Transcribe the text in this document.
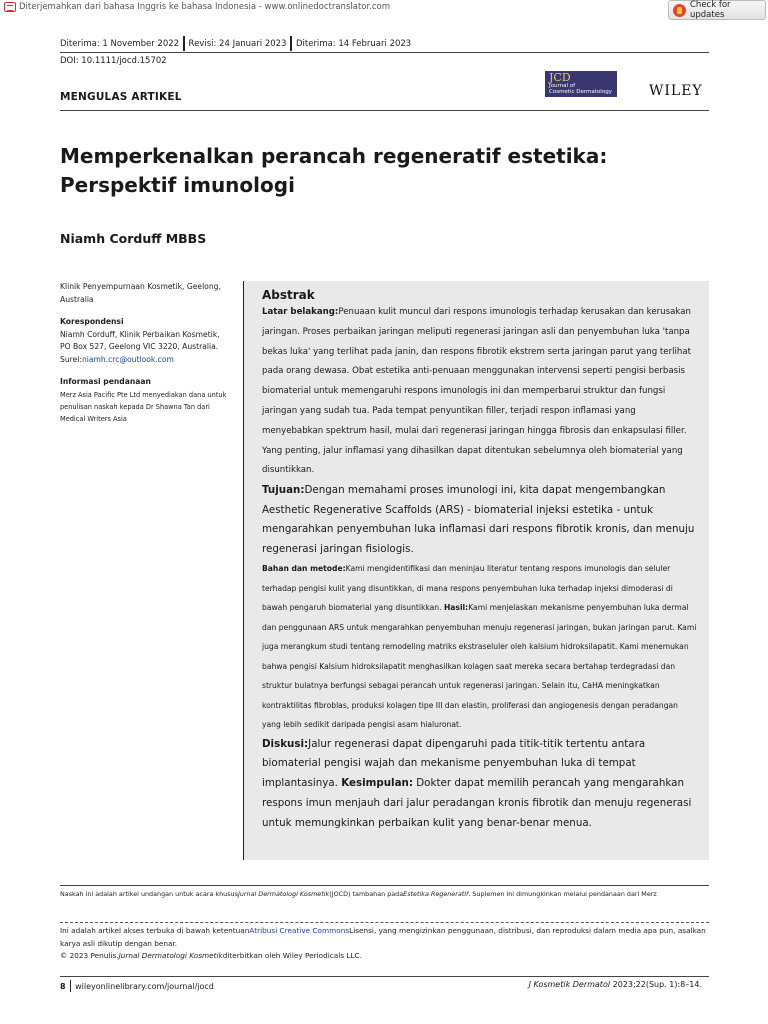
Diterjemahkan dari bahasa Inggris ke bahasa Indonesia - www.onlinedoctranslator.com	Check for updates
Diterima: 1 November 2022 Revisi: 24 Januari 2023 Diterima: 14 Februari 2023
DOI: 10.1111/jocd.15702
JCD
Journal of
Cosmetic Dermatology	WILEY
MENGULAS ARTIKEL
Memperkenalkan perancah regeneratif estetika: Perspektif imunologi
Niamh Corduff MBBS

Klinik Penyempurnaan Kosmetik, Geelong, Australia

Korespondensi

Niamh Corduff, Klinik Perbaikan Kosmetik, PO Box 527, Geelong VIC 3220, Australia.
Surel:niamh.crc@outlook.com

Informasi pendanaan

Merz Asia Pacific Pte Ltd menyediakan dana untuk penulisan naskah kepada Dr Shawna Tan dari Medical Writers Asia

Abstrak

Latar belakang:Penuaan kulit muncul dari respons imunologis terhadap kerusakan dan kerusakan jaringan. Proses perbaikan jaringan meliputi regenerasi jaringan asli dan penyembuhan luka 'tanpa bekas luka' yang terlihat pada janin, dan respons fibrotik ekstrem serta jaringan parut yang terlihat pada orang dewasa. Obat estetika anti-penuaan menggunakan intervensi seperti pengisi berbasis biomaterial untuk memengaruhi respons imunologis ini dan memperbarui struktur dan fungsi jaringan yang sudah tua. Pada tempat penyuntikan filler, terjadi respon inflamasi yang menyebabkan spektrum hasil, mulai dari regenerasi jaringan hingga fibrosis dan enkapsulasi filler. Yang penting, jalur inflamasi yang dihasilkan dapat ditentukan sebelumnya oleh biomaterial yang disuntikkan.

Tujuan:Dengan memahami proses imunologi ini, kita dapat mengembangkan Aesthetic Regenerative Scaffolds (ARS) - biomaterial injeksi estetika - untuk mengarahkan penyembuhan luka inflamasi dari respons fibrotik kronis, dan menuju regenerasi jaringan fisiologis.

Bahan dan metode:Kami mengidentifikasi dan meninjau literatur tentang respons imunologis dan seluler terhadap pengisi kulit yang disuntikkan, di mana respons penyembuhan luka terhadap injeksi dimoderasi di bawah pengaruh biomaterial yang disuntikkan. Hasil:Kami menjelaskan mekanisme penyembuhan luka dermal dan penggunaan ARS untuk mengarahkan penyembuhan menuju regenerasi jaringan, bukan jaringan parut. Kami juga merangkum studi tentang remodeling matriks ekstraseluler oleh kalsium hidroksilapatit. Kami menemukan bahwa pengisi Kalsium hidroksilapatit menghasilkan kolagen saat mereka secara bertahap terdegradasi dan struktur bulatnya berfungsi sebagai perancah untuk regenerasi jaringan. Selain itu, CaHA meningkatkan kontraktilitas fibroblas, produksi kolagen tipe III dan elastin, proliferasi dan angiogenesis dengan peradangan yang lebih sedikit daripada pengisi asam hialuronat.

Diskusi:Jalur regenerasi dapat dipengaruhi pada titik-titik tertentu antara biomaterial pengisi wajah dan mekanisme penyembuhan luka di tempat implantasinya. Kesimpulan: Dokter dapat memilih perancah yang mengarahkan respons imun menjauh dari jalur peradangan kronis fibrotik dan menuju regenerasi untuk memungkinkan perbaikan kulit yang benar-benar menua.

Naskah ini adalah artikel undangan untuk acara khususJurnal Dermatologi Kosmetik(JOCD) tambahan padaEstetika Regeneratif. Suplemen ini dimungkinkan melalui pendanaan dari Merz

Ini adalah artikel akses terbuka di bawah ketentuanAtribusi Creative CommonsLisensi, yang mengizinkan penggunaan, distribusi, dan reproduksi dalam media apa pun, asalkan karya asli dikutip dengan benar.

© 2023 Penulis.Jurnal Dermatologi Kosmetikditerbitkan oleh Wiley Periodicals LLC.

8 wileyonlinelibrary.com/journal/jocd	J Kosmetik Dermatol 2023;22(Sup. 1):8–14.
